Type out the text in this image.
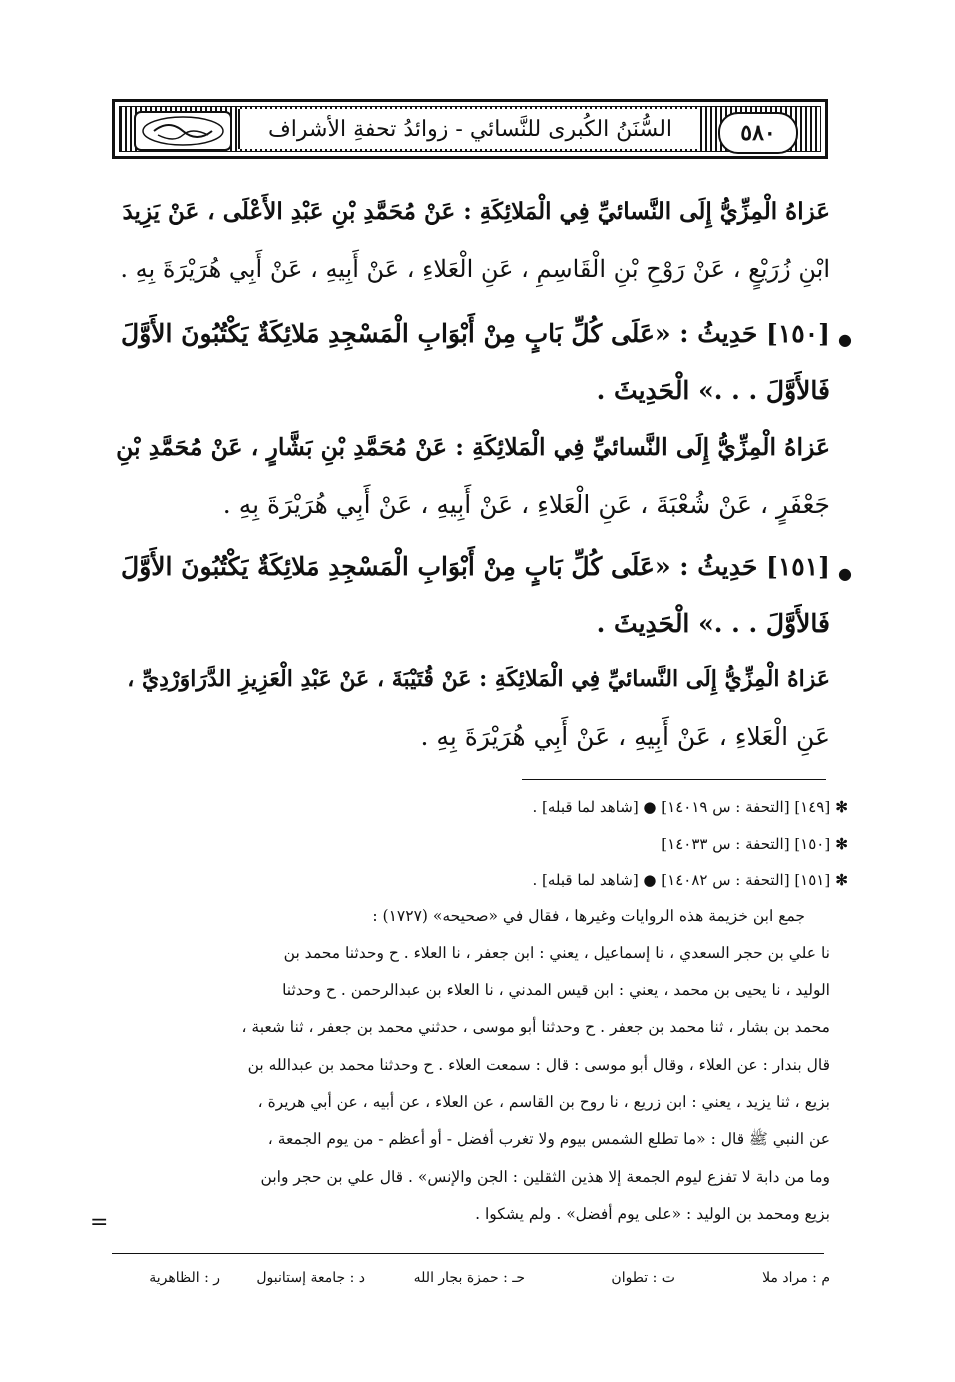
السُّنَنُ الكُبرى للنَّسائي - زوائدُ تحفةِ الأشراف	٥٨٠
عَزاهُ الْمِزِّيُّ إِلَى النَّسائيِّ فِي الْمَلائِكَةِ : عَنْ مُحَمَّدِ بْنِ عَبْدِ الأَعْلَى ، عَنْ يَزِيدَ
ابْنِ زُرَيْعٍ ، عَنْ رَوْحِ بْنِ الْقَاسِمِ ، عَنِ الْعَلاءِ ، عَنْ أَبِيهِ ، عَنْ أَبِي هُرَيْرَةَ بِهِ .
●
[١٥٠] حَدِيثُ : «عَلَى كُلِّ بَابٍ مِنْ أَبْوَابِ الْمَسْجِدِ مَلائِكَةٌ يَكْتُبُونَ الأَوَّلَ
فَالأَوَّلَ . . .» الْحَدِيثَ .
عَزاهُ الْمِزِّيُّ إِلَى النَّسائيِّ فِي الْمَلائِكَةِ : عَنْ مُحَمَّدِ بْنِ بَشَّارٍ ، عَنْ مُحَمَّدِ بْنِ
جَعْفَرٍ ، عَنْ شُعْبَةَ ، عَنِ الْعَلاءِ ، عَنْ أَبِيهِ ، عَنْ أَبِي هُرَيْرَةَ بِهِ .
●
[١٥١] حَدِيثُ : «عَلَى كُلِّ بَابٍ مِنْ أَبْوَابِ الْمَسْجِدِ مَلائِكَةٌ يَكْتُبُونَ الأَوَّلَ
فَالأَوَّلَ . . .» الْحَدِيثَ .
عَزاهُ الْمِزِّيُّ إِلَى النَّسائيِّ فِي الْمَلائِكَةِ : عَنْ قُتَيْبَةَ ، عَنْ عَبْدِ الْعَزِيزِ الدَّرَاوَرْدِيِّ ،
عَنِ الْعَلاءِ ، عَنْ أَبِيهِ ، عَنْ أَبِي هُرَيْرَةَ بِهِ .
✻ [١٤٩] [التحفة : س ١٤٠١٩] ● [شاهد لما قبله] .
✻ [١٥٠] [التحفة : س ١٤٠٣٣]
✻ [١٥١] [التحفة : س ١٤٠٨٢] ● [شاهد لما قبله] .
جمع ابن خزيمة هذه الروايات وغيرها ، فقال في «صحيحه» (١٧٢٧) :
نا علي بن حجر السعدي ، نا إسماعيل ، يعني : ابن جعفر ، نا العلاء . ح وحدثنا محمد بن
الوليد ، نا يحيى بن محمد ، يعني : ابن قيس المدني ، نا العلاء بن عبدالرحمن . ح وحدثنا
محمد بن بشار ، ثنا محمد بن جعفر . ح وحدثنا أبو موسى ، حدثني محمد بن جعفر ، ثنا شعبة ،
قال بندار : عن العلاء ، وقال أبو موسى : قال : سمعت العلاء . ح وحدثنا محمد بن عبدالله بن
بزيع ، ثنا يزيد ، يعني : ابن زريع ، نا روح بن القاسم ، عن العلاء ، عن أبيه ، عن أبي هريرة ،
عن النبي ﷺ قال : «ما تطلع الشمس بيوم ولا تغرب أفضل - أو أعظم - من يوم الجمعة ،
وما من دابة لا تفزع ليوم الجمعة إلا هذين الثقلين : الجن والإنس» . قال علي بن حجر وابن
بزيع ومحمد بن الوليد : «على يوم أفضل» . ولم يشكوا .
=
م : مراد ملا
ت : تطوان
حـ : حمزة بجار الله
د : جامعة إستانبول
ر : الظاهرية
